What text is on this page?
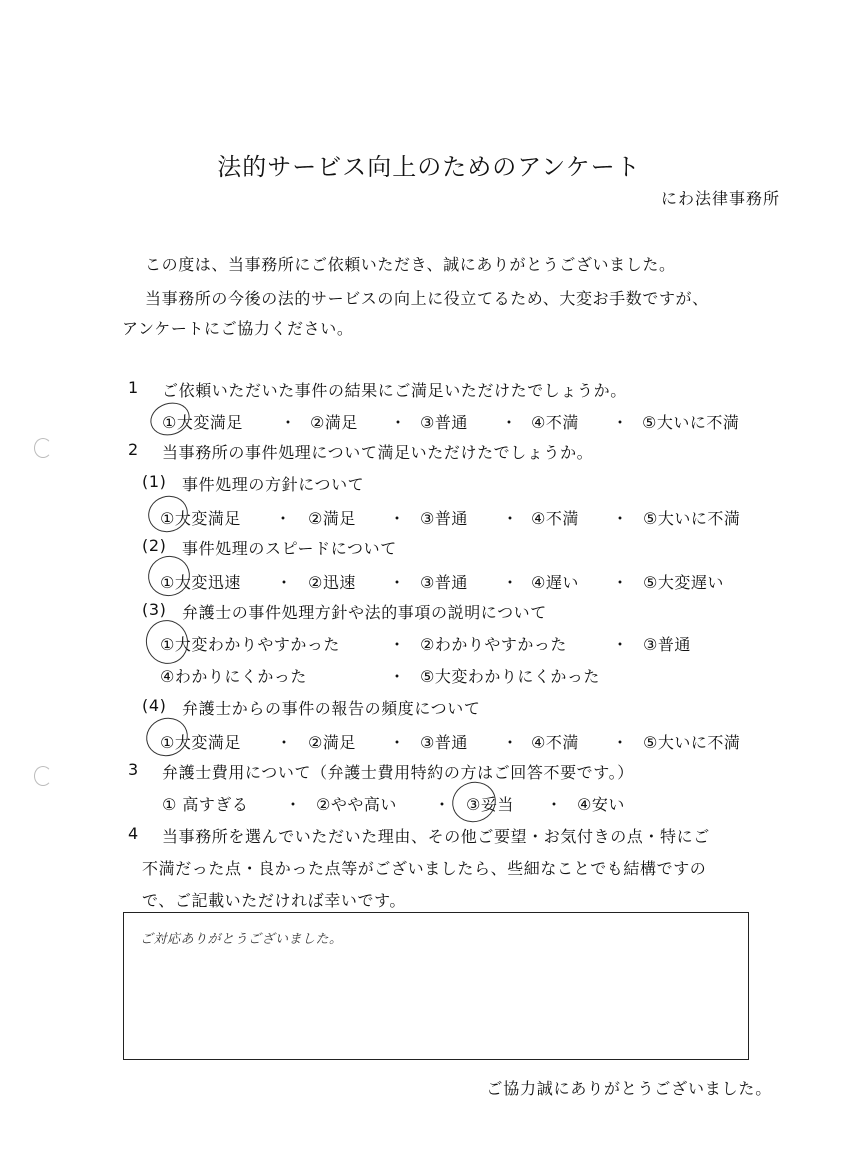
法的サービス向上のためのアンケート
にわ法律事務所
この度は、当事務所にご依頼いただき、誠にありがとうございました。
当事務所の今後の法的サービスの向上に役立てるため、大変お手数ですが、
アンケートにご協力ください。
1 ご依頼いただいた事件の結果にご満足いただけたでしょうか。
①大変満足 ・ ②満足 ・ ③普通 ・ ④不満 ・ ⑤大いに不満
2 当事務所の事件処理について満足いただけたでしょうか。
(1) 事件処理の方針について
①大変満足 ・ ②満足 ・ ③普通 ・ ④不満 ・ ⑤大いに不満
(2) 事件処理のスピードについて
①大変迅速 ・ ②迅速 ・ ③普通 ・ ④遅い ・ ⑤大変遅い
(3) 弁護士の事件処理方針や法的事項の説明について
①大変わかりやすかった	・ ②わかりやすかった	・ ③普通
④わかりにくかった	・ ⑤大変わかりにくかった
(4) 弁護士からの事件の報告の頻度について
①大変満足 ・ ②満足 ・ ③普通 ・ ④不満 ・ ⑤大いに不満
3 弁護士費用について（弁護士費用特約の方はご回答不要です。）
① 高すぎる ・ ②やや高い ・ ③妥当 ・ ④安い
4 当事務所を選んでいただいた理由、その他ご要望・お気付きの点・特にご
不満だった点・良かった点等がございましたら、些細なことでも結構ですの
で、ご記載いただければ幸いです。
ご対応ありがとうございました。
ご協力誠にありがとうございました。
